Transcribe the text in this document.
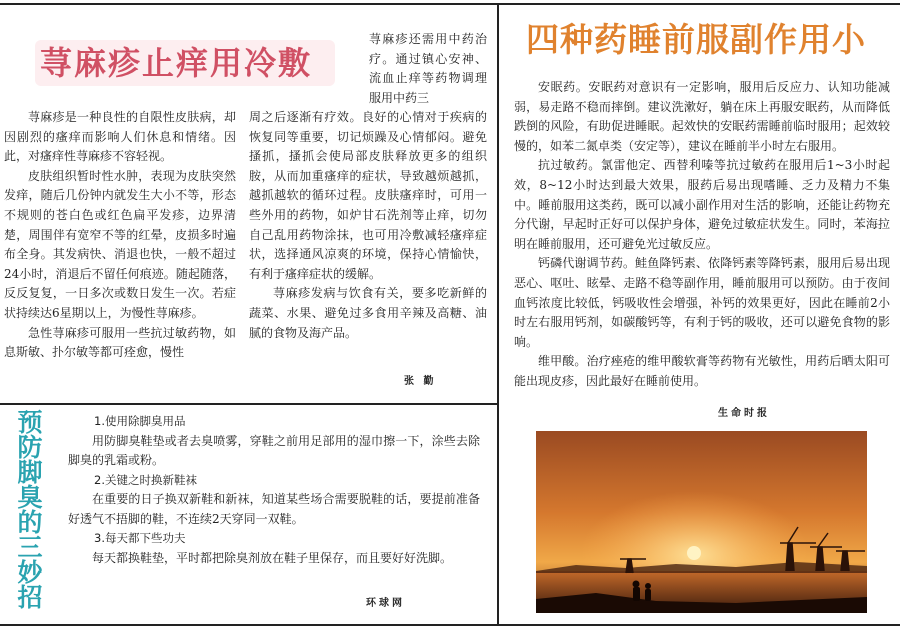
荨麻疹止痒用冷敷
荨麻疹还需用中药治疗。通过镇心安神、流血止痒等药物调理服用中药三

荨麻疹是一种良性的自限性皮肤病，却因剧烈的瘙痒而影响人们休息和情绪。因此，对瘙痒性荨麻疹不容轻视。

皮肤组织暂时性水肿，表现为皮肤突然发痒，随后几份钟内就发生大小不等，形态不规则的苍白色或红色扁平发疹，边界清楚，周围伴有宽窄不等的红晕，皮损多时遍布全身。其发病快、消退也快，一般不超过24小时，消退后不留任何痕迹。随起随落，反反复复，一日多次或数日发生一次。若症状持续达6星期以上，为慢性荨麻疹。

急性荨麻疹可服用一些抗过敏药物，如息斯敏、扑尔敏等都可痊愈，慢性

周之后逐渐有疗效。良好的心情对于疾病的恢复同等重要，切记烦躁及心情郁闷。避免搔抓，搔抓会使局部皮肤释放更多的组织胺，从而加重瘙痒的症状，导致越烦越抓，越抓越软的循环过程。皮肤瘙痒时，可用一些外用的药物，如炉甘石洗剂等止痒，切勿自己乱用药物涂抹，也可用冷敷减轻瘙痒症状，选择通风凉爽的环境，保持心情愉快，有利于瘙痒症状的缓解。

荨麻疹发病与饮食有关，要多吃新鲜的蔬菜、水果、避免过多食用辛辣及高糖、油腻的食物及海产品。

张 勤
预
防
脚
臭
的
三
妙
招
1.使用除脚臭用品
用防脚臭鞋垫或者去臭喷雾，穿鞋之前用足部用的湿巾擦一下，涂些去除脚臭的乳霜或粉。
2.关键之时换新鞋袜
在重要的日子换双新鞋和新袜，知道某些场合需要脱鞋的话，要提前准备好透气不捂脚的鞋，不连续2天穿同一双鞋。
3.每天都下些功夫
每天都换鞋垫，平时都把除臭剂放在鞋子里保存，而且要好好洗脚。
环球网
四种药睡前服副作用小

安眠药。安眠药对意识有一定影响，服用后反应力、认知功能减弱，易走路不稳而摔倒。建议洗漱好，躺在床上再服安眠药，从而降低跌倒的风险，有助促进睡眠。起效快的安眠药需睡前临时服用；起效较慢的，如苯二氮卓类（安定等），建议在睡前半小时左右服用。

抗过敏药。氯雷他定、西替利嗪等抗过敏药在服用后1~3小时起效，8~12小时达到最大效果，服药后易出现嗜睡、乏力及精力不集中。睡前服用这类药，既可以减小副作用对生活的影响，还能让药物充分代谢，早起时正好可以保护身体，避免过敏症状发生。同时，苯海拉明在睡前服用，还可避免光过敏反应。

钙磷代谢调节药。鲑鱼降钙素、依降钙素等降钙素，服用后易出现恶心、呕吐、眩晕、走路不稳等副作用，睡前服用可以预防。由于夜间血钙浓度比较低，钙吸收性会增强，补钙的效果更好，因此在睡前2小时左右服用钙剂，如碳酸钙等，有利于钙的吸收，还可以避免食物的影响。

维甲酸。治疗痤疮的维甲酸软膏等药物有光敏性，用药后晒太阳可能出现皮疹，因此最好在睡前使用。

生命时报
